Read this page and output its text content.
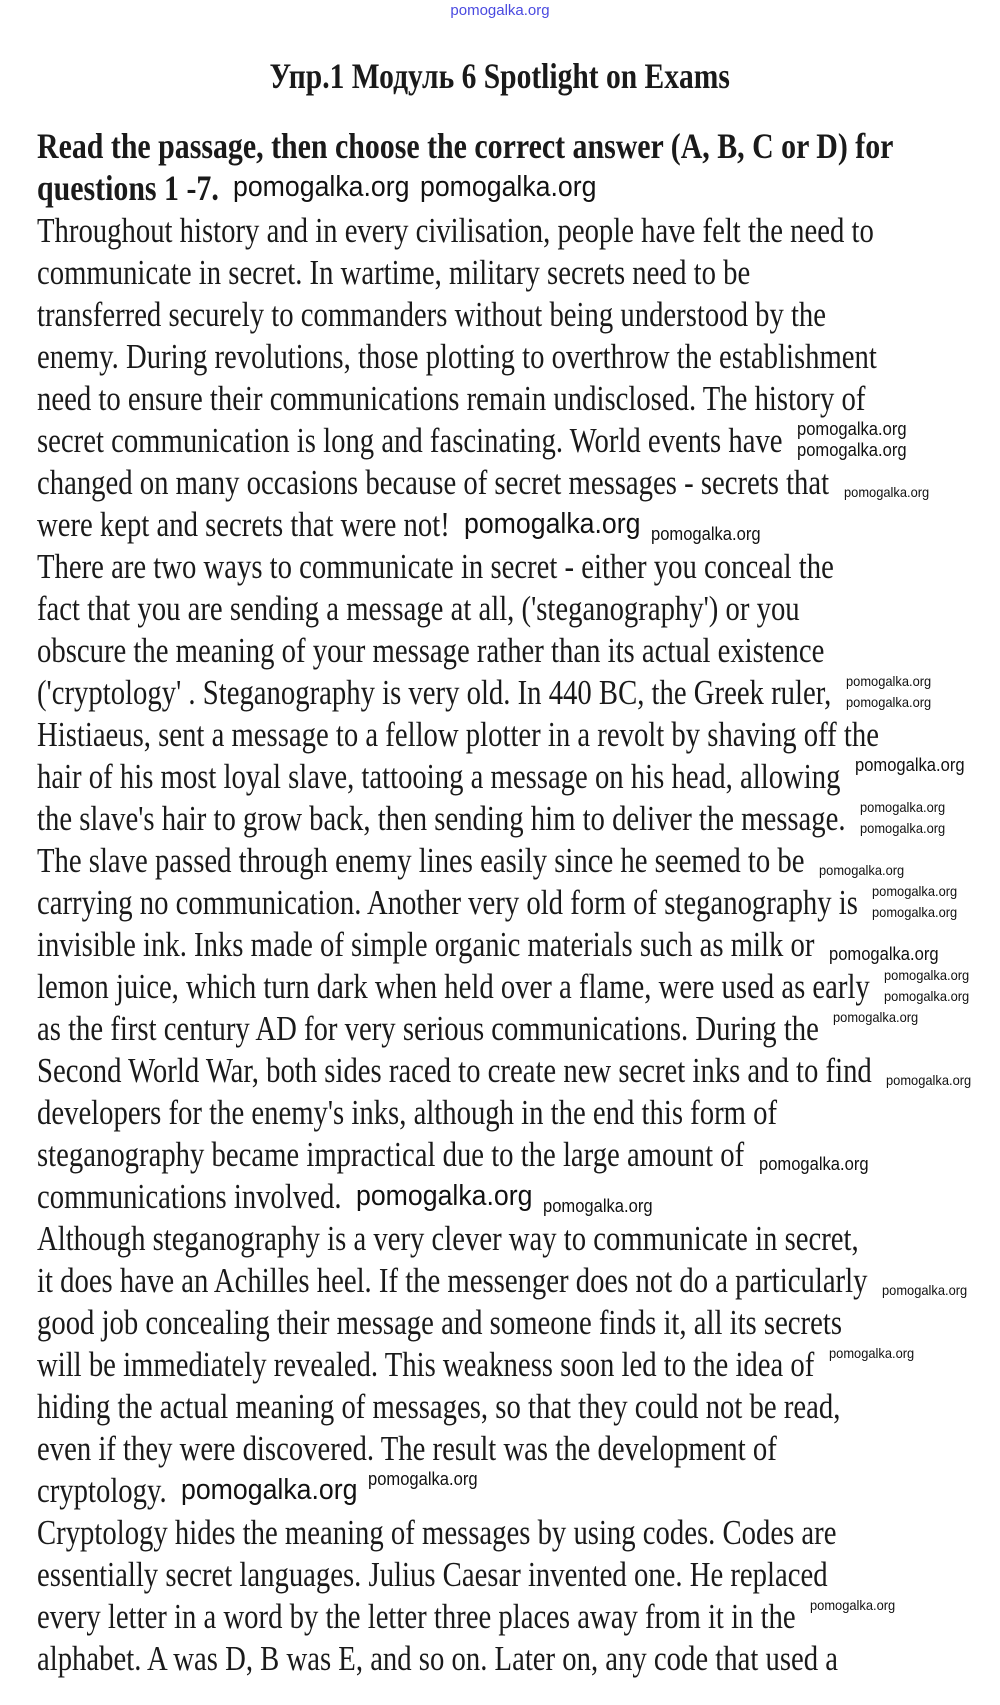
pomogalka.org
Упр.1 Модуль 6 Spotlight on Exams
Read the passage, then choose the correct answer (A, B, C or D) for
questions 1 -7.
Throughout history and in every civilisation, people have felt the need to
communicate in secret. In wartime, military secrets need to be
transferred securely to commanders without being understood by the
enemy. During revolutions, those plotting to overthrow the establishment
need to ensure their communications remain undisclosed. The history of
secret communication is long and fascinating. World events have
changed on many occasions because of secret messages - secrets that
were kept and secrets that were not!
There are two ways to communicate in secret - either you conceal the
fact that you are sending a message at all, ('steganography') or you
obscure the meaning of your message rather than its actual existence
('cryptology' . Steganography is very old. In 440 BC, the Greek ruler,
Histiaeus, sent a message to a fellow plotter in a revolt by shaving off the
hair of his most loyal slave, tattooing a message on his head, allowing
the slave's hair to grow back, then sending him to deliver the message.
The slave passed through enemy lines easily since he seemed to be
carrying no communication. Another very old form of steganography is
invisible ink. Inks made of simple organic materials such as milk or
lemon juice, which turn dark when held over a flame, were used as early
as the first century AD for very serious communications. During the
Second World War, both sides raced to create new secret inks and to find
developers for the enemy's inks, although in the end this form of
steganography became impractical due to the large amount of
communications involved.
Although steganography is a very clever way to communicate in secret,
it does have an Achilles heel. If the messenger does not do a particularly
good job concealing their message and someone finds it, all its secrets
will be immediately revealed. This weakness soon led to the idea of
hiding the actual meaning of messages, so that they could not be read,
even if they were discovered. The result was the development of
cryptology.
Cryptology hides the meaning of messages by using codes. Codes are
essentially secret languages. Julius Caesar invented one. He replaced
every letter in a word by the letter three places away from it in the
alphabet. A was D, B was E, and so on. Later on, any code that used a
pomogalka.org pomogalka.org
pomogalka.org
pomogalka.org
pomogalka.org
pomogalka.org
pomogalka.org
pomogalka.org
pomogalka.org
pomogalka.org
pomogalka.org
pomogalka.org
pomogalka.org
pomogalka.org
pomogalka.org
pomogalka.org
pomogalka.org
pomogalka.org
pomogalka.org
pomogalka.org
pomogalka.org
pomogalka.org
pomogalka.org
pomogalka.org
pomogalka.org
pomogalka.org
pomogalka.org
pomogalka.org
